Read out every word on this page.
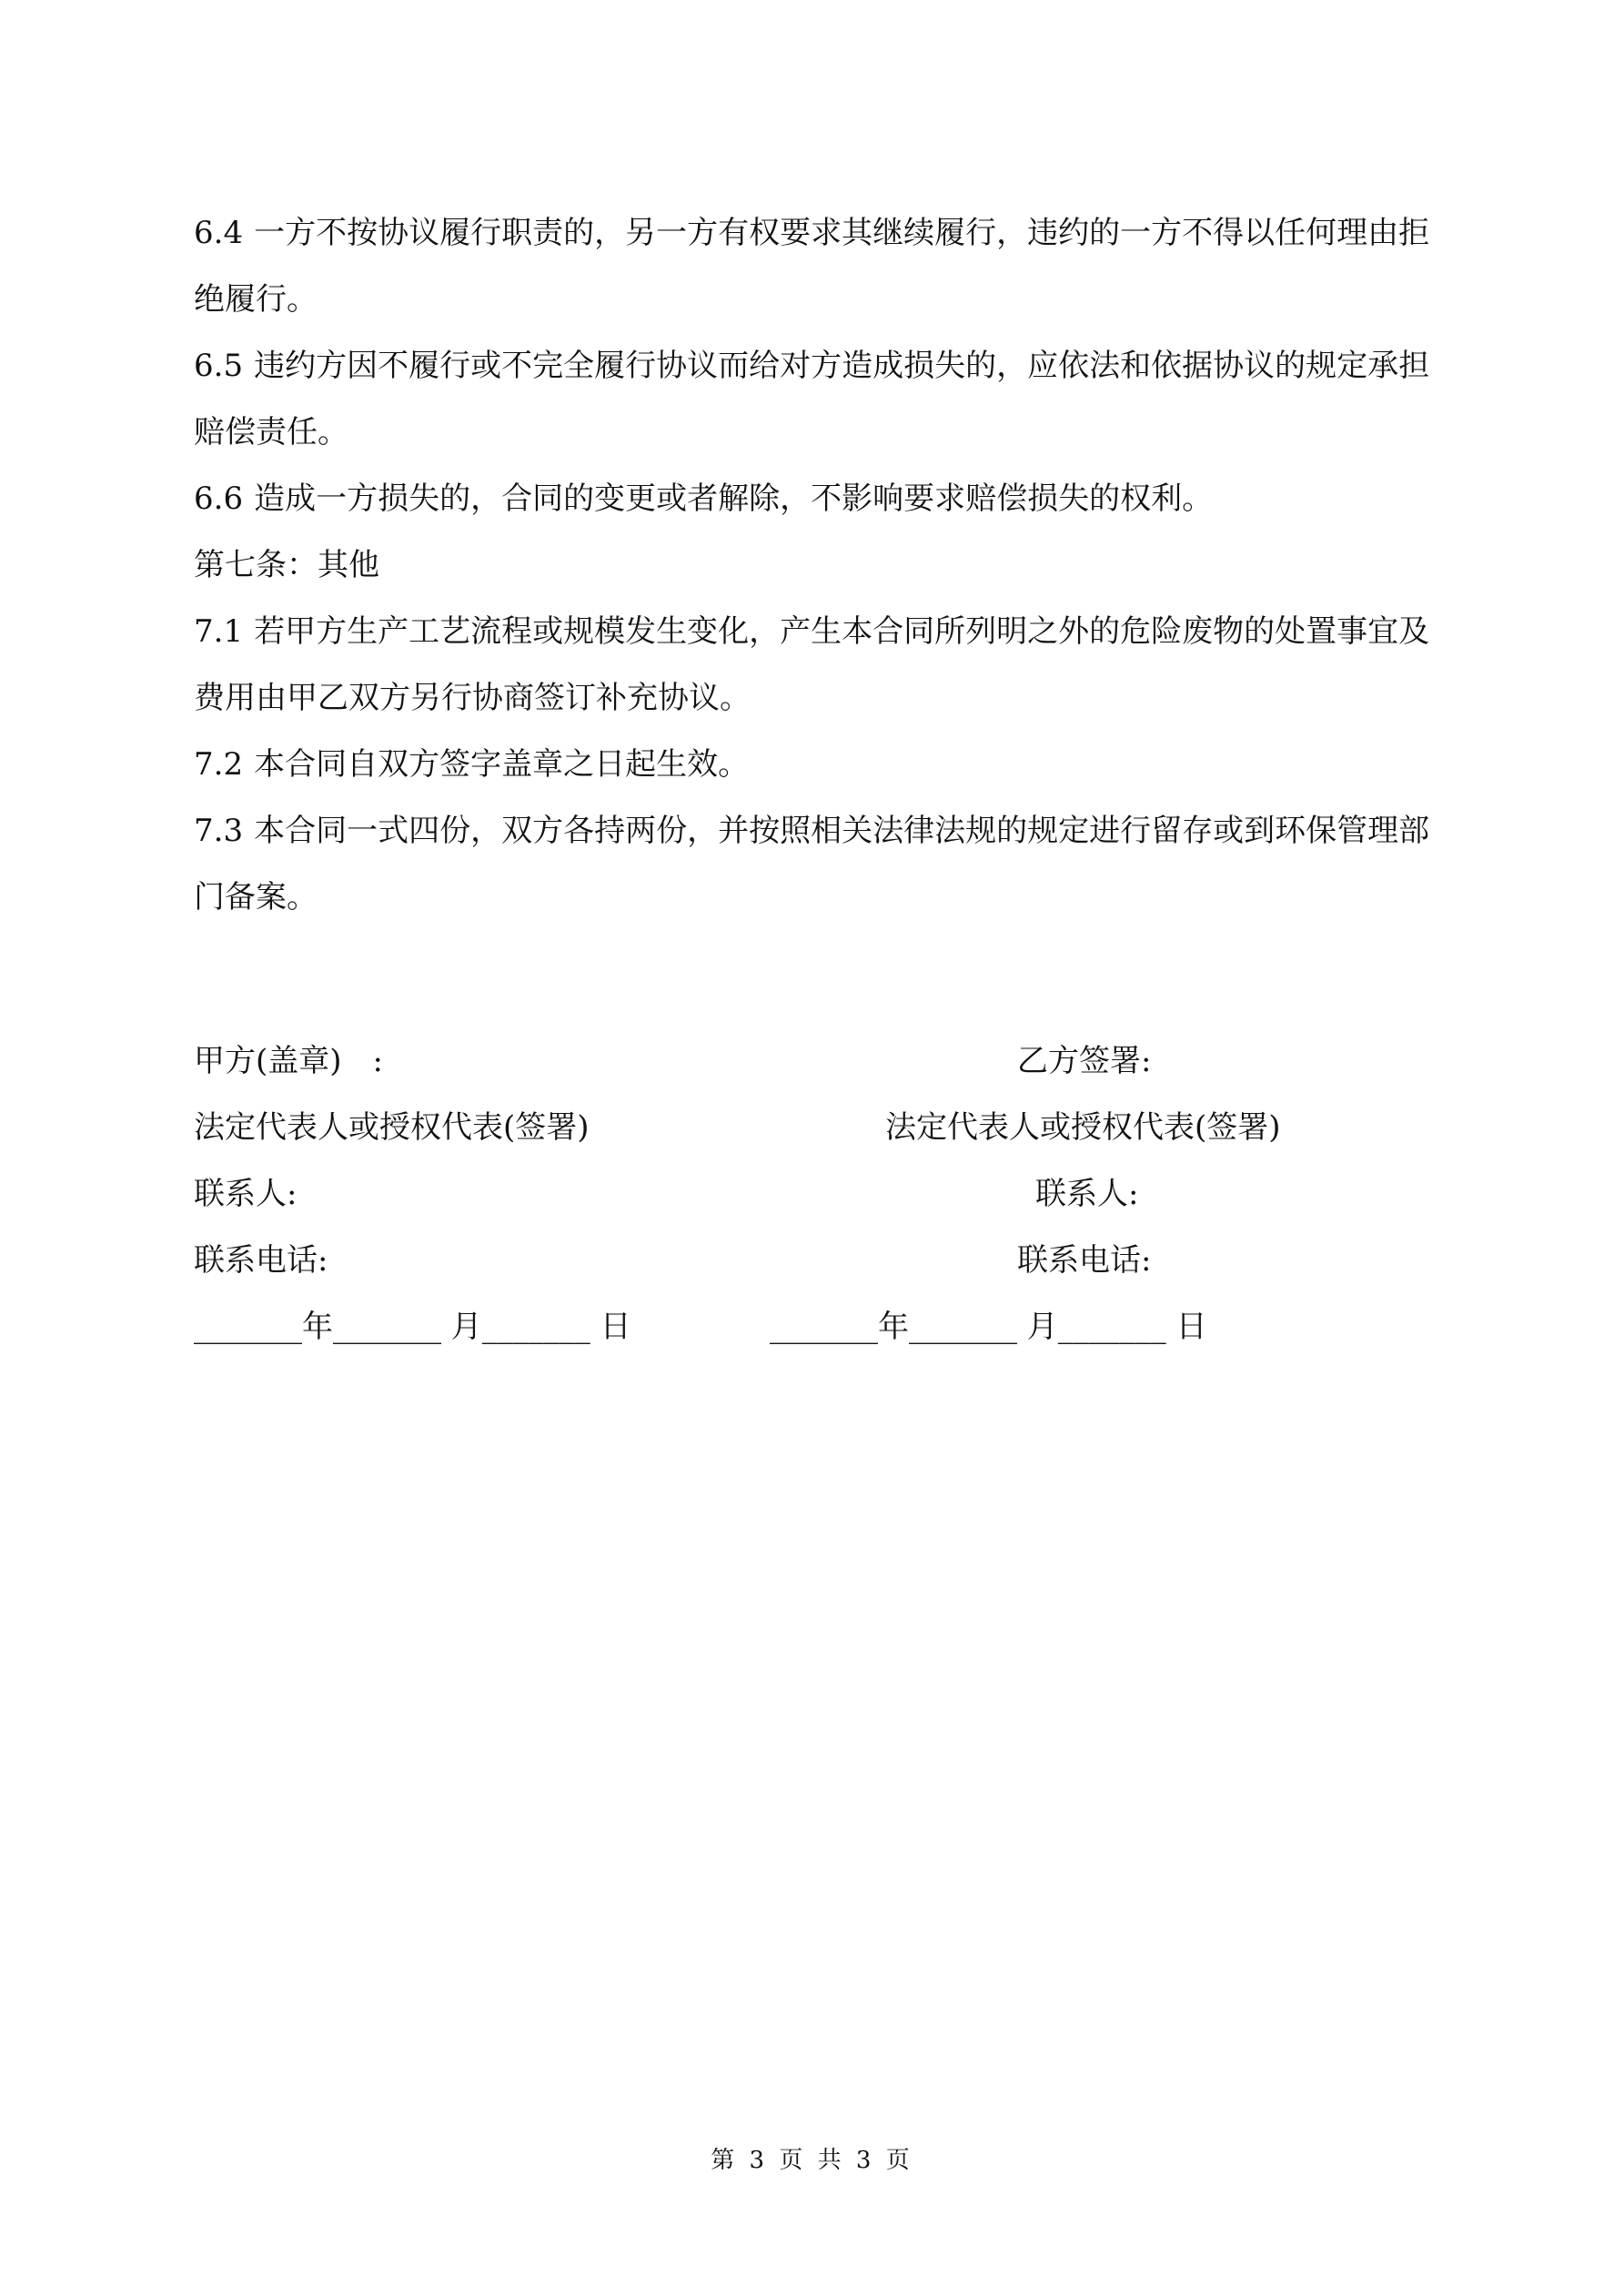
6.4 一方不按协议履行职责的，另一方有权要求其继续履行，违约的一方不得以任何理由拒绝履行。

6.5 违约方因不履行或不完全履行协议而给对方造成损失的，应依法和依据协议的规定承担赔偿责任。

6.6 造成一方损失的，合同的变更或者解除，不影响要求赔偿损失的权利。

第七条：其他

7.1 若甲方生产工艺流程或规模发生变化，产生本合同所列明之外的危险废物的处置事宜及费用由甲乙双方另行协商签订补充协议。

7.2 本合同自双方签字盖章之日起生效。

7.3 本合同一式四份，双方各持两份，并按照相关法律法规的规定进行留存或到环保管理部门备案。

甲方(盖章)　:
法定代表人或授权代表(签署)
联系人:
联系电话:
_______年_______ 月_______ 日
乙方签署:
法定代表人或授权代表(签署)
联系人:
联系电话:
_______年_______ 月_______ 日
第 3 页 共 3 页
